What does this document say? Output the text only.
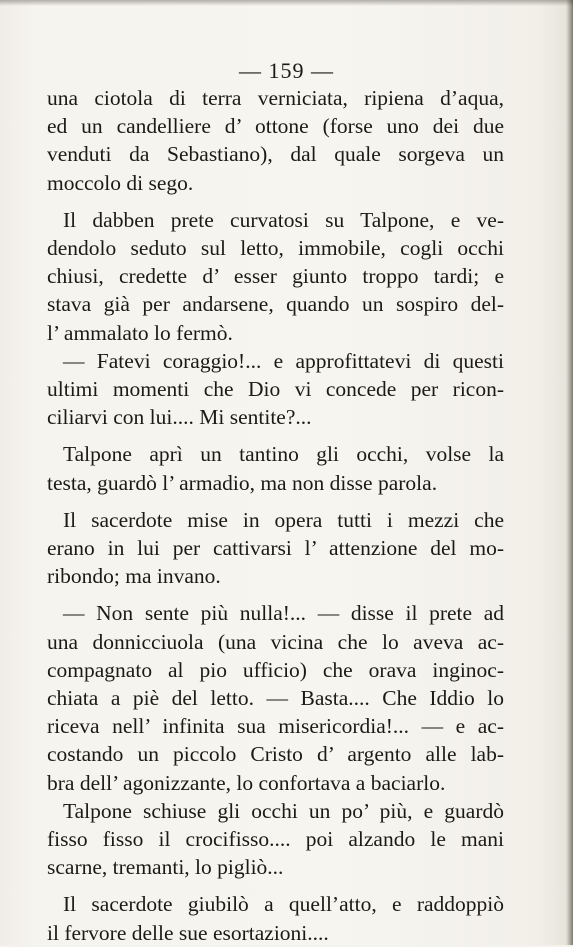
— 159 —
una ciotola di terra verniciata, ripiena d’aqua,
ed un candelliere d’ ottone (forse uno dei due
venduti da Sebastiano), dal quale sorgeva un
moccolo di sego.
Il dabben prete curvatosi su Talpone, e ve-
dendolo seduto sul letto, immobile, cogli occhi
chiusi, credette d’ esser giunto troppo tardi; e
stava già per andarsene, quando un sospiro del-
l’ ammalato lo fermò.
— Fatevi coraggio!... e approfittatevi di questi
ultimi momenti che Dio vi concede per ricon-
ciliarvi con lui.... Mi sentite?...
Talpone aprì un tantino gli occhi, volse la
testa, guardò l’ armadio, ma non disse parola.
Il sacerdote mise in opera tutti i mezzi che
erano in lui per cattivarsi l’ attenzione del mo-
ribondo; ma invano.
— Non sente più nulla!... — disse il prete ad
una donnicciuola (una vicina che lo aveva ac-
compagnato al pio ufficio) che orava inginoc-
chiata a piè del letto. — Basta.... Che Iddio lo
riceva nell’ infinita sua misericordia!... — e ac-
costando un piccolo Cristo d’ argento alle lab-
bra dell’ agonizzante, lo confortava a baciarlo.
Talpone schiuse gli occhi un po’ più, e guardò
fisso fisso il crocifisso.... poi alzando le mani
scarne, tremanti, lo pigliò...
Il sacerdote giubilò a quell’atto, e raddoppiò
il fervore delle sue esortazioni....
